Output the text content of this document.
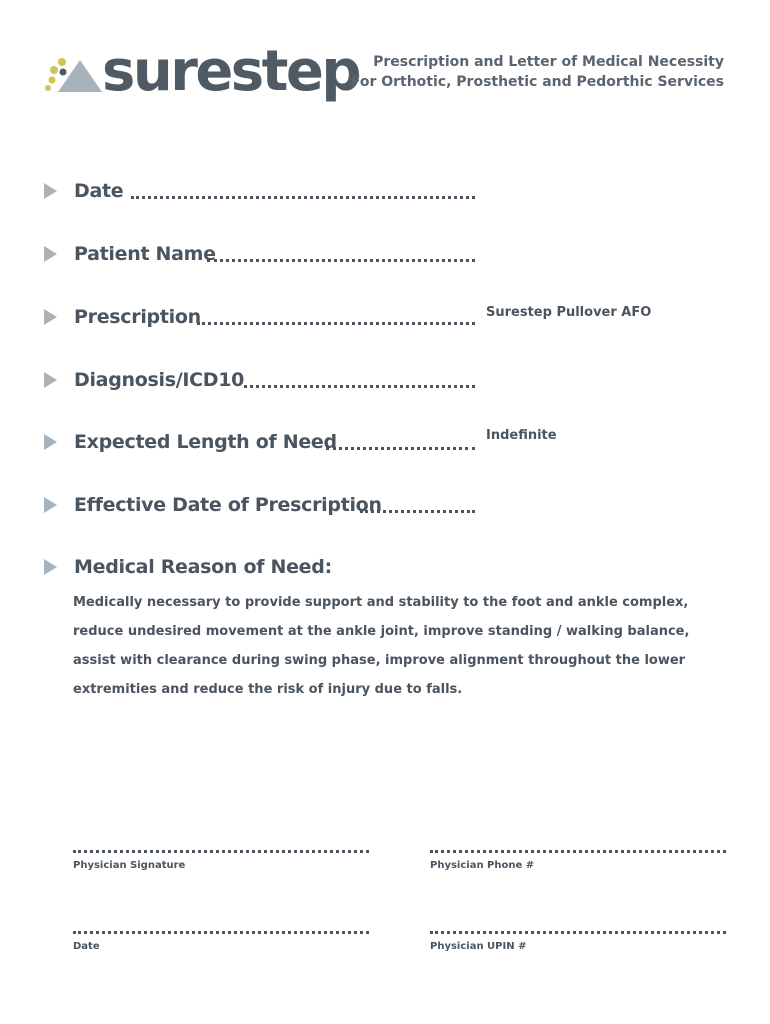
surestep	Prescription and Letter of Medical Necessity
For Orthotic, Prosthetic and Pedorthic Services
Date
Patient Name
Prescription	Surestep Pullover AFO
Diagnosis/ICD10
Expected Length of Need	Indefinite
Effective Date of Prescription
Medical Reason of Need:
Medically necessary to provide support and stability to the foot and ankle complex, reduce undesired movement at the ankle joint, improve standing / walking balance, assist with clearance during swing phase, improve alignment throughout the lower extremities and reduce the risk of injury due to falls.
Physician Signature	Physician Phone #
Date	Physician UPIN #
